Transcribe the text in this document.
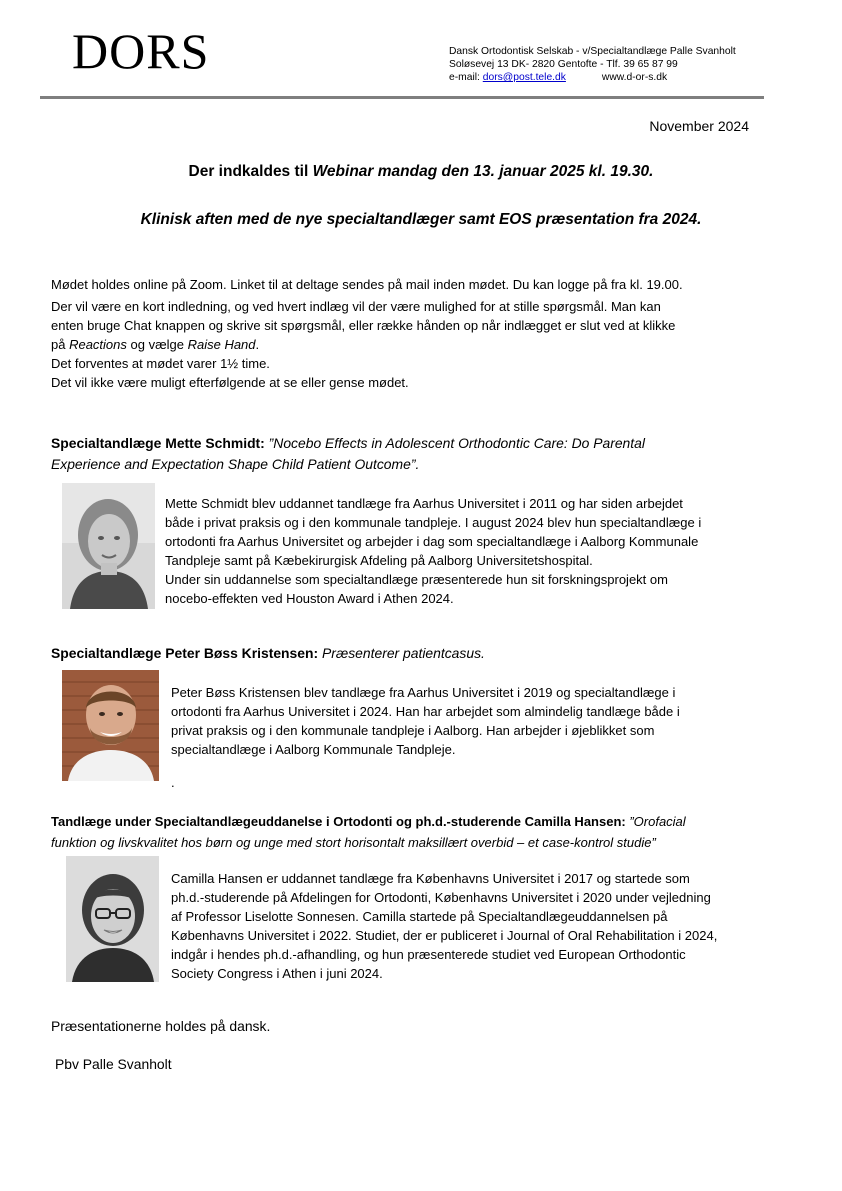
DORS	Dansk Ortodontisk Selskab - v/Specialtandlæge Palle Svanholt
Soløsevej 13 DK- 2820 Gentofte - Tlf. 39 65 87 99
e-mail: dors@post.tele.dk	www.d-or-s.dk
November 2024
Der indkaldes til Webinar mandag den 13. januar 2025 kl. 19.30.
Klinisk aften med de nye specialtandlæger samt EOS præsentation fra 2024.
Mødet holdes online på Zoom. Linket til at deltage sendes på mail inden mødet. Du kan logge på fra kl. 19.00.
Der vil være en kort indledning, og ved hvert indlæg vil der være mulighed for at stille spørgsmål. Man kan
enten bruge Chat knappen og skrive sit spørgsmål, eller række hånden op når indlægget er slut ved at klikke
på Reactions og vælge Raise Hand.
Det forventes at mødet varer 1½ time.
Det vil ikke være muligt efterfølgende at se eller gense mødet.
Specialtandlæge Mette Schmidt: ”Nocebo Effects in Adolescent Orthodontic Care: Do Parental
Experience and Expectation Shape Child Patient Outcome”.
Mette Schmidt blev uddannet tandlæge fra Aarhus Universitet i 2011 og har siden arbejdet
både i privat praksis og i den kommunale tandpleje. I august 2024 blev hun specialtandlæge i
ortodonti fra Aarhus Universitet og arbejder i dag som specialtandlæge i Aalborg Kommunale
Tandpleje samt på Kæbekirurgisk Afdeling på Aalborg Universitetshospital.
Under sin uddannelse som specialtandlæge præsenterede hun sit forskningsprojekt om
nocebo-effekten ved Houston Award i Athen 2024.
Specialtandlæge Peter Bøss Kristensen: Præsenterer patientcasus.
Peter Bøss Kristensen blev tandlæge fra Aarhus Universitet i 2019 og specialtandlæge i
ortodonti fra Aarhus Universitet i 2024. Han har arbejdet som almindelig tandlæge både i
privat praksis og i den kommunale tandpleje i Aalborg. Han arbejder i øjeblikket som
specialtandlæge i Aalborg Kommunale Tandpleje.
.
Tandlæge under Specialtandlægeuddanelse i Ortodonti og ph.d.-studerende Camilla Hansen: ”Orofacial
funktion og livskvalitet hos børn og unge med stort horisontalt maksillært overbid – et case-kontrol studie”
Camilla Hansen er uddannet tandlæge fra Københavns Universitet i 2017 og startede som
ph.d.-studerende på Afdelingen for Ortodonti, Københavns Universitet i 2020 under vejledning
af Professor Liselotte Sonnesen. Camilla startede på Specialtandlægeuddannelsen på
Københavns Universitet i 2022. Studiet, der er publiceret i Journal of Oral Rehabilitation i 2024,
indgår i hendes ph.d.-afhandling, og hun præsenterede studiet ved European Orthodontic
Society Congress i Athen i juni 2024.
Præsentationerne holdes på dansk.
Pbv Palle Svanholt
